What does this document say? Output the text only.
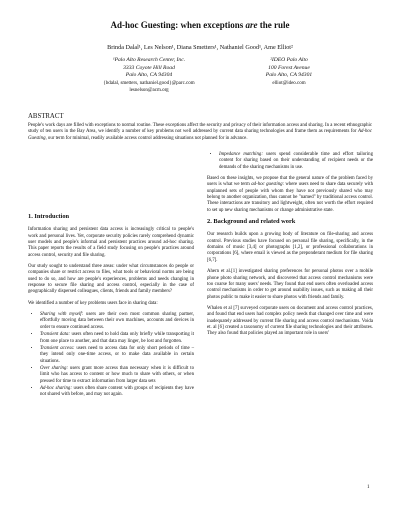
Ad-hoc Guesting: when exceptions are the rule

Brinda Dalal¹, Les Nelson¹, Diana Smetters¹, Nathaniel Good¹, Ame Elliot²

¹Palo Alto Research Center, Inc.
3333 Coyote Hill Road
Palo Alto, CA 94304
{bdalal, smetters, nathaniel.good}@parc.com
lesnelson@acm.org
²IDEO Palo Alto
100 Forest Avenue
Palo Alto, CA 94301
elliot@ideo.com
ABSTRACT

People's work days are filled with exceptions to normal routine. These exceptions affect the security and privacy of their information access and sharing. In a recent ethnographic study of ten users in the Bay Area, we identify a number of key problems not well addressed by current data sharing technologies and frame them as requirements for Ad-hoc Guesting, our term for minimal, readily available access control addressing situations not planned for in advance.

1. Introduction

Information sharing and persistent data access is increasingly critical to people's work and personal lives. Yet, corporate security policies rarely comprehend dynamic user models and people's informal and persistent practices around ad-hoc sharing. This paper reports the results of a field study focusing on people's practices around access control, security and file sharing.

Our study sought to understand three areas: under what circumstances do people or companies share or restrict access to files, what tools or behavioral norms are being used to do so, and how are people's experiences, problems and needs changing in response to secure file sharing and access control, especially in the case of geographically dispersed colleagues, clients, friends and family members?

We identified a number of key problems users face in sharing data:

• Sharing with myself: users are their own most common sharing partner, effortfully moving data between their own machines, accounts and devices in order to ensure continued access.
• Transient data: users often need to hold data only briefly while transporting it from one place to another, and that data may linger, be lost and forgotten.
• Transient access: users need to access data for only short periods of time – they intend only one-time access, or to make data available in certain situations.
• Over sharing: users grant more access than necessary when it is difficult to limit who has access to content or how much to share with others, or when pressed for time to extract information from larger data sets
• Ad-hoc sharing: users often share content with groups of recipients they have not shared with before, and may not again.
• Impedance matching: users spend considerable time and effort tailoring content for sharing based on their understanding of recipient needs or the demands of the sharing mechanisms in use.

Based on these insights, we propose that the general nature of the problem faced by users is what we term ad-hoc guesting: where users need to share data securely with unplanned sets of people with whom they have not previously shared who may belong to another organization, thus cannot be "named" by traditional access control. These interactions are transitory and lightweight, often not worth the effort required to set up new sharing mechanisms or change administrative state.

2. Background and related work

Our research builds upon a growing body of literature on file-sharing and access control. Previous studies have focused on personal file sharing, specifically, in the domains of music [3,4] or photographs [1,2], or professional collaborations in corporations [6], where email is viewed as the preponderant medium for file sharing [6,7].

Ahern et al.[1] investigated sharing preferences for personal photos over a mobile phone photo sharing network, and discovered that access control mechanisms were too coarse for many users' needs. They found that end users often overloaded access control mechanisms in order to get around usability issues, such as making all their photos public to make it easier to share photos with friends and family.

Whalen et al [7] surveyed corporate users on document and access control practices, and found that end users had complex policy needs that changed over time and were inadequately addressed by current file sharing and access control mechanisms. Voida et. al [6] created a taxonomy of current file sharing technologies and their attributes. They also found that policies played an important role in users'

1
